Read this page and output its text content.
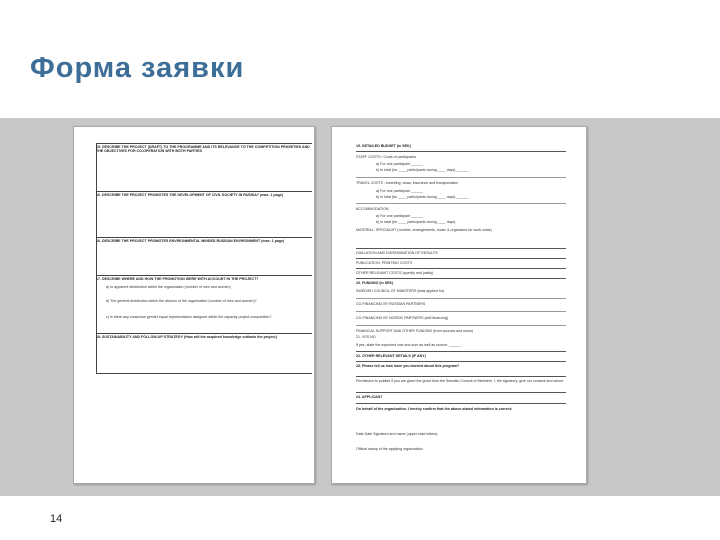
Форма заявки
15. DESCRIBE THE PROJECT (DRAFT) TO THE PROGRAMME AND ITS RELEVANCE TO THE COMPETITION PRIORITIES AND THE OBJECTIVES FOR CO-OPERATION WITH BOTH PARTIES
16. DESCRIBE THE PROJECT PROMOTES THE DEVELOPMENT OF CIVIL SOCIETY IN RUSSIA? (max. 1 page)
16. DESCRIBE THE PROJECT PROMOTES ENVIRONMENTAL MINDED RUSSIAN ENVIRONMENT (max. 1 page)
17. DESCRIBE WHERE AND HOW THE PROMOTION WERE WITH ACCOUNT IN THE PROJECT?
a) to apparent distribution within the organisation (number of men and women)
b) The general distribution within the division of the organisation (number of men and women)?
c) Is there any conscious gender equal representation assigned within the capacity project composition?
18. SUSTAINABILITY AND FOLLOW-UP STRATEGY (How will the acquired knowledge outlasts the project)
19. DETAILED BUDGET (in SEK)
STAFF COSTS / Costs of participants
a) For one participant ______
b) In total (for ____ participants during ____ days) ______
TRAVEL COSTS - travelling, visas, insurance and transportation
a) For one participant ______
b) In total (for ____ participants during ____ days) ______
ACCOMMODATION
a) For one participant ______
b) In total (for ____ participants during ____ days)
MATERIAL, SPECIALIST (number, arrangements, music & organisers for work costs)
DIALLATION AND DISSEMINATION OF RESULTS
PUBLICATION, PRINTING COSTS
OTHER RELEVANT COSTS (specify and justify)
20. FUNDING (in SEK)
SWEDISH COUNCIL OF MINISTERS (total applied for)
CO-FINANCING BY RUSSIAN PARTNERS
CO-FINANCING BY NORDIC PARTNERS (self-financing)
FINANCIAL SUPPORT AND OTHER FUNDING (from sources and sums)
21. YES NO
If yes, state the expected cost and sum as well as source: ______
22. OTHER RELEVANT DETAILS (IF ANY)
23. Please tell us how have you learned about this program?
Permission to publish if you are given the grant from the Swedish Council of Ministers. I, the signatory, give our consent and whom:
24. APPLICANT
On behalf of the organisation, I hereby confirm that the above-stated information is correct:
Date Date Signature and name (upper case letters)
Official stamp of the applying organisation
14
